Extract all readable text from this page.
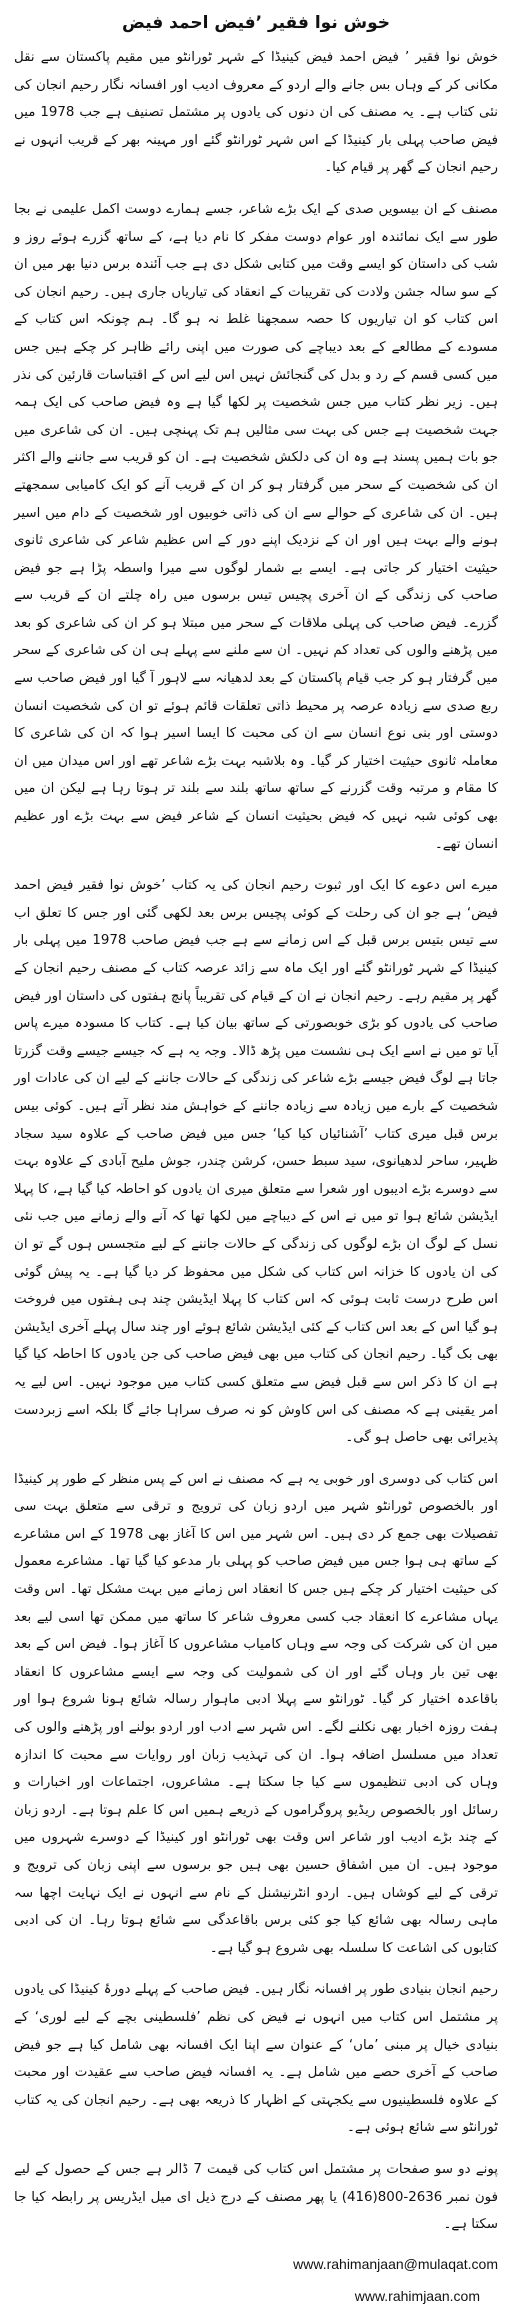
خوش نوا فقیر ’فیض احمد فیض

خوش نوا فقیر ’ فیض احمد فیض کینیڈا کے شہر ٹورانٹو میں مقیم پاکستان سے نقل مکانی کر کے وہاں بس جانے والے اردو کے معروف ادیب اور افسانہ نگار رحیم انجان کی نئی کتاب ہے۔ یہ مصنف کی ان دنوں کی یادوں پر مشتمل تصنیف ہے جب 1978 میں فیض صاحب پہلی بار کینیڈا کے اس شہر ٹورانٹو گئے اور مہینہ بھر کے قریب انہوں نے رحیم انجان کے گھر پر قیام کیا۔

مصنف کے ان بیسویں صدی کے ایک بڑے شاعر، جسے ہمارے دوست اکمل علیمی نے بجا طور سے ایک نمائندہ اور عوام دوست مفکر کا نام دیا ہے، کے ساتھ گزرے ہوئے روز و شب کی داستان کو ایسے وقت میں کتابی شکل دی ہے جب آئندہ برس دنیا بھر میں ان کے سو سالہ جشن ولادت کی تقریبات کے انعقاد کی تیاریاں جاری ہیں۔ رحیم انجان کی اس کتاب کو ان تیاریوں کا حصہ سمجھنا غلط نہ ہو گا۔ ہم چونکہ اس کتاب کے مسودے کے مطالعے کے بعد دیباچے کی صورت میں اپنی رائے ظاہر کر چکے ہیں جس میں کسی قسم کے رد و بدل کی گنجائش نہیں اس لیے اس کے اقتباسات قارئین کی نذر ہیں۔ زیر نظر کتاب میں جس شخصیت پر لکھا گیا ہے وہ فیض صاحب کی ایک ہمہ جہت شخصیت ہے جس کی بہت سی مثالیں ہم تک پہنچی ہیں۔ ان کی شاعری میں جو بات ہمیں پسند ہے وہ ان کی دلکش شخصیت ہے۔ ان کو قریب سے جاننے والے اکثر ان کی شخصیت کے سحر میں گرفتار ہو کر ان کے قریب آنے کو ایک کامیابی سمجھتے ہیں۔ ان کی شاعری کے حوالے سے ان کی ذاتی خوبیوں اور شخصیت کے دام میں اسیر ہونے والے بہت ہیں اور ان کے نزدیک اپنے دور کے اس عظیم شاعر کی شاعری ثانوی حیثیت اختیار کر جاتی ہے۔ ایسے بے شمار لوگوں سے میرا واسطہ پڑا ہے جو فیض صاحب کی زندگی کے ان آخری پچیس تیس برسوں میں راہ چلتے ان کے قریب سے گزرے۔ فیض صاحب کی پہلی ملاقات کے سحر میں مبتلا ہو کر ان کی شاعری کو بعد میں پڑھنے والوں کی تعداد کم نہیں۔ ان سے ملنے سے پہلے ہی ان کی شاعری کے سحر میں گرفتار ہو کر جب قیام پاکستان کے بعد لدھیانہ سے لاہور آ گیا اور فیض صاحب سے ربع صدی سے زیادہ عرصہ پر محیط ذاتی تعلقات قائم ہوئے تو ان کی شخصیت انسان دوستی اور بنی نوع انسان سے ان کی محبت کا ایسا اسیر ہوا کہ ان کی شاعری کا معاملہ ثانوی حیثیت اختیار کر گیا۔ وہ بلاشبہ بہت بڑے شاعر تھے اور اس میدان میں ان کا مقام و مرتبہ وقت گزرنے کے ساتھ ساتھ بلند سے بلند تر ہوتا رہا ہے لیکن ان میں بھی کوئی شبہ نہیں کہ فیض بحیثیت انسان کے شاعر فیض سے بہت بڑے اور عظیم انسان تھے۔

میرے اس دعوے کا ایک اور ثبوت رحیم انجان کی یہ کتاب ’خوش نوا فقیر فیض احمد فیض‘ ہے جو ان کی رحلت کے کوئی پچیس برس بعد لکھی گئی اور جس کا تعلق اب سے تیس بتیس برس قبل کے اس زمانے سے ہے جب فیض صاحب 1978 میں پہلی بار کینیڈا کے شہر ٹورانٹو گئے اور ایک ماہ سے زائد عرصہ کتاب کے مصنف رحیم انجان کے گھر پر مقیم رہے۔ رحیم انجان نے ان کے قیام کی تقریباً پانچ ہفتوں کی داستان اور فیض صاحب کی یادوں کو بڑی خوبصورتی کے ساتھ بیان کیا ہے۔ کتاب کا مسودہ میرے پاس آیا تو میں نے اسے ایک ہی نشست میں پڑھ ڈالا۔ وجہ یہ ہے کہ جیسے جیسے وقت گزرتا جاتا ہے لوگ فیض جیسے بڑے شاعر کی زندگی کے حالات جاننے کے لیے ان کی عادات اور شخصیت کے بارے میں زیادہ سے زیادہ جاننے کے خواہش مند نظر آتے ہیں۔ کوئی بیس برس قبل میری کتاب ’آشنائیاں کیا کیا‘ جس میں فیض صاحب کے علاوہ سید سجاد ظہیر، ساحر لدھیانوی، سید سبط حسن، کرشن چندر، جوش ملیح آبادی کے علاوہ بہت سے دوسرے بڑے ادیبوں اور شعرا سے متعلق میری ان یادوں کو احاطہ کیا گیا ہے، کا پہلا ایڈیشن شائع ہوا تو میں نے اس کے دیباچے میں لکھا تھا کہ آنے والے زمانے میں جب نئی نسل کے لوگ ان بڑے لوگوں کی زندگی کے حالات جاننے کے لیے متجسس ہوں گے تو ان کی ان یادوں کا خزانہ اس کتاب کی شکل میں محفوظ کر دیا گیا ہے۔ یہ پیش گوئی اس طرح درست ثابت ہوئی کہ اس کتاب کا پہلا ایڈیشن چند ہی ہفتوں میں فروخت ہو گیا اس کے بعد اس کتاب کے کئی ایڈیشن شائع ہوئے اور چند سال پہلے آخری ایڈیشن بھی بک گیا۔ رحیم انجان کی کتاب میں بھی فیض صاحب کی جن یادوں کا احاطہ کیا گیا ہے ان کا ذکر اس سے قبل فیض سے متعلق کسی کتاب میں موجود نہیں۔ اس لیے یہ امر یقینی ہے کہ مصنف کی اس کاوش کو نہ صرف سراہا جائے گا بلکہ اسے زبردست پذیرائی بھی حاصل ہو گی۔

اس کتاب کی دوسری اور خوبی یہ ہے کہ مصنف نے اس کے پس منظر کے طور پر کینیڈا اور بالخصوص ٹورانٹو شہر میں اردو زبان کی ترویج و ترقی سے متعلق بہت سی تفصیلات بھی جمع کر دی ہیں۔ اس شہر میں اس کا آغاز بھی 1978 کے اس مشاعرے کے ساتھ ہی ہوا جس میں فیض صاحب کو پہلی بار مدعو کیا گیا تھا۔ مشاعرے معمول کی حیثیت اختیار کر چکے ہیں جس کا انعقاد اس زمانے میں بہت مشکل تھا۔ اس وقت یہاں مشاعرے کا انعقاد جب کسی معروف شاعر کا ساتھ میں ممکن تھا اسی لیے بعد میں ان کی شرکت کی وجہ سے وہاں کامیاب مشاعروں کا آغاز ہوا۔ فیض اس کے بعد بھی تین بار وہاں گئے اور ان کی شمولیت کی وجہ سے ایسے مشاعروں کا انعقاد باقاعدہ اختیار کر گیا۔ ٹورانٹو سے پہلا ادبی ماہوار رسالہ شائع ہونا شروع ہوا اور ہفت روزہ اخبار بھی نکلنے لگے۔ اس شہر سے ادب اور اردو بولنے اور پڑھنے والوں کی تعداد میں مسلسل اضافہ ہوا۔ ان کی تہذیب زبان اور روایات سے محبت کا اندازہ وہاں کی ادبی تنظیموں سے کیا جا سکتا ہے۔ مشاعروں، اجتماعات اور اخبارات و رسائل اور بالخصوص ریڈیو پروگراموں کے ذریعے ہمیں اس کا علم ہوتا ہے۔ اردو زبان کے چند بڑے ادیب اور شاعر اس وقت بھی ٹورانٹو اور کینیڈا کے دوسرے شہروں میں موجود ہیں۔ ان میں اشفاق حسین بھی ہیں جو برسوں سے اپنی زبان کی ترویج و ترقی کے لیے کوشاں ہیں۔ اردو انٹرنیشنل کے نام سے انہوں نے ایک نہایت اچھا سہ ماہی رسالہ بھی شائع کیا جو کئی برس باقاعدگی سے شائع ہوتا رہا۔ ان کی ادبی کتابوں کی اشاعت کا سلسلہ بھی شروع ہو گیا ہے۔

رحیم انجان بنیادی طور پر افسانہ نگار ہیں۔ فیض صاحب کے پہلے دورۂ کینیڈا کی یادوں پر مشتمل اس کتاب میں انہوں نے فیض کی نظم ’فلسطینی بچے کے لیے لوری‘ کے بنیادی خیال پر مبنی ’ماں‘ کے عنوان سے اپنا ایک افسانہ بھی شامل کیا ہے جو فیض صاحب کے آخری حصے میں شامل ہے۔ یہ افسانہ فیض صاحب سے عقیدت اور محبت کے علاوہ فلسطینیوں سے یکجہتی کے اظہار کا ذریعہ بھی ہے۔ رحیم انجان کی یہ کتاب ٹورانٹو سے شائع ہوئی ہے۔

پونے دو سو صفحات پر مشتمل اس کتاب کی قیمت 7 ڈالر ہے جس کے حصول کے لیے فون نمبر 2636-800(416) یا پھر مصنف کے درج ذیل ای میل ایڈریس پر رابطہ کیا جا سکتا ہے۔

www.rahimanjaan@mulaqat.com
www.rahimjaan.com
